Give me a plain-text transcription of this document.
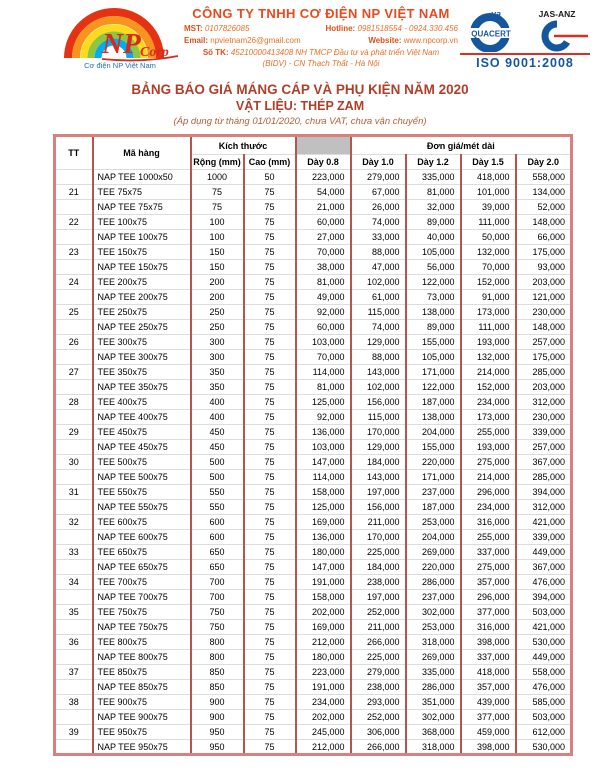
NP Corp
Cơ điện NP Việt Nam
CÔNG TY TNHH CƠ ĐIỆN NP VIỆT NAM
MST: 0107826085	Hotline: 0981518554 - 0924.330.456
Email: npvietnam26@gmail.com	Website: www.npcorp.vn
Số TK: 45210000413408 NH TMCP Đầu tư và phát triển Việt Nam (BIDV) - CN Thạch Thất - Hà Nội
va
QUACERT
JAS-ANZ
ISO 9001:2008
BẢNG BÁO GIÁ MÁNG CÁP VÀ PHỤ KIỆN NĂM 2020
VẬT LIỆU: THÉP ZAM
(Áp dụng từ tháng 01/01/2020, chưa VAT, chưa vận chuyển)
TT	Mã hàng	Kích thước			Đơn giá/mét dài			
		Rộng (mm)	Cao (mm)	Dày 0.8	Dày 1.0	Dày 1.2	Dày 1.5	Dày 2.0
	NAP TEE 1000x50	1000	50	223,000	279,000	335,000	418,000	558,000
21	TEE 75x75	75	75	54,000	67,000	81,000	101,000	134,000
	NAP TEE 75x75	75	75	21,000	26,000	32,000	39,000	52,000
22	TEE 100x75	100	75	60,000	74,000	89,000	111,000	148,000
	NAP TEE 100x75	100	75	27,000	33,000	40,000	50,000	66,000
23	TEE 150x75	150	75	70,000	88,000	105,000	132,000	175,000
	NAP TEE 150x75	150	75	38,000	47,000	56,000	70,000	93,000
24	TEE 200x75	200	75	81,000	102,000	122,000	152,000	203,000
	NAP TEE 200x75	200	75	49,000	61,000	73,000	91,000	121,000
25	TEE 250x75	250	75	92,000	115,000	138,000	173,000	230,000
	NAP TEE 250x75	250	75	60,000	74,000	89,000	111,000	148,000
26	TEE 300x75	300	75	103,000	129,000	155,000	193,000	257,000
	NAP TEE 300x75	300	75	70,000	88,000	105,000	132,000	175,000
27	TEE 350x75	350	75	114,000	143,000	171,000	214,000	285,000
	NAP TEE 350x75	350	75	81,000	102,000	122,000	152,000	203,000
28	TEE 400x75	400	75	125,000	156,000	187,000	234,000	312,000
	NAP TEE 400x75	400	75	92,000	115,000	138,000	173,000	230,000
29	TEE 450x75	450	75	136,000	170,000	204,000	255,000	339,000
	NAP TEE 450x75	450	75	103,000	129,000	155,000	193,000	257,000
30	TEE 500x75	500	75	147,000	184,000	220,000	275,000	367,000
	NAP TEE 500x75	500	75	114,000	143,000	171,000	214,000	285,000
31	TEE 550x75	550	75	158,000	197,000	237,000	296,000	394,000
	NAP TEE 550x75	550	75	125,000	156,000	187,000	234,000	312,000
32	TEE 600x75	600	75	169,000	211,000	253,000	316,000	421,000
	NAP TEE 600x75	600	75	136,000	170,000	204,000	255,000	339,000
33	TEE 650x75	650	75	180,000	225,000	269,000	337,000	449,000
	NAP TEE 650x75	650	75	147,000	184,000	220,000	275,000	367,000
34	TEE 700x75	700	75	191,000	238,000	286,000	357,000	476,000
	NAP TEE 700x75	700	75	158,000	197,000	237,000	296,000	394,000
35	TEE 750x75	750	75	202,000	252,000	302,000	377,000	503,000
	NAP TEE 750x75	750	75	169,000	211,000	253,000	316,000	421,000
36	TEE 800x75	800	75	212,000	266,000	318,000	398,000	530,000
	NAP TEE 800x75	800	75	180,000	225,000	269,000	337,000	449,000
37	TEE 850x75	850	75	223,000	279,000	335,000	418,000	558,000
	NAP TEE 850x75	850	75	191,000	238,000	286,000	357,000	476,000
38	TEE 900x75	900	75	234,000	293,000	351,000	439,000	585,000
	NAP TEE 900x75	900	75	202,000	252,000	302,000	377,000	503,000
39	TEE 950x75	950	75	245,000	306,000	368,000	459,000	612,000
	NAP TEE 950x75	950	75	212,000	266,000	318,000	398,000	530,000
